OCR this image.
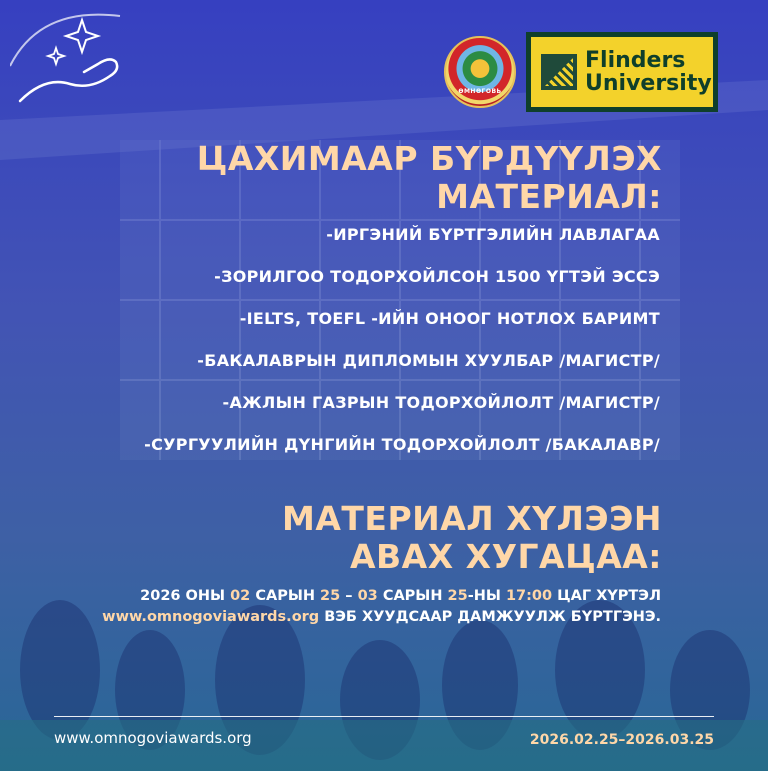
ӨМНӨГОВЬ
Flinders
University
ЦАХИМААР БҮРДҮҮЛЭХ
МАТЕРИАЛ:
-ИРГЭНИЙ БҮРТГЭЛИЙН ЛАВЛАГАА
-ЗОРИЛГОО ТОДОРХОЙЛСОН 1500 ҮГТЭЙ ЭССЭ
-IELTS, TOEFL -ИЙН ОНООГ НОТЛОХ БАРИМТ
-БАКАЛАВРЫН ДИПЛОМЫН ХУУЛБАР /МАГИСТР/
-АЖЛЫН ГАЗРЫН ТОДОРХОЙЛОЛТ /МАГИСТР/
-СУРГУУЛИЙН ДҮНГИЙН ТОДОРХОЙЛОЛТ /БАКАЛАВР/
МАТЕРИАЛ ХҮЛЭЭН
АВАХ ХУГАЦАА:
2026 ОНЫ 02 САРЫН 25 – 03 САРЫН 25-НЫ 17:00 ЦАГ ХҮРТЭЛ
www.omnogoviawards.org ВЭБ ХУУДСААР ДАМЖУУЛЖ БҮРТГЭНЭ.
www.omnogoviawards.org	2026.02.25–2026.03.25
